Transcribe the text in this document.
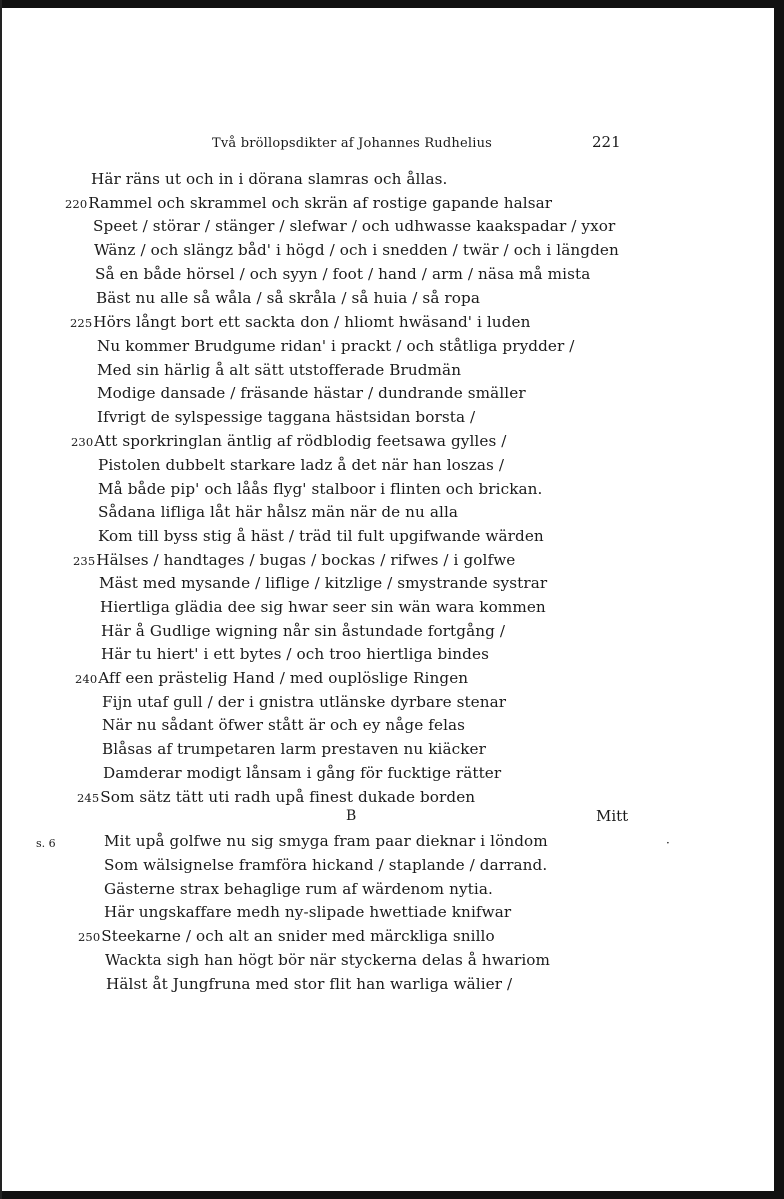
Två bröllopsdikter af Johannes Rudhelius	221
Här räns ut och in i dörana slamras och ållas.
220Rammel och skrammel och skrän af rostige gapande halsar
Speet / störar / stänger / slefwar / och udhwasse kaakspadar / yxor
Wänz / och slängz båd' i högd / och i snedden / twär / och i längden
Så en både hörsel / och syyn / foot / hand / arm / näsa må mista
Bäst nu alle så wåla / så skråla / så huia / så ropa
225Hörs långt bort ett sackta don / hliomt hwäsand' i luden
Nu kommer Brudgume ridan' i prackt / och ståtliga prydder /
Med sin härlig å alt sätt utstofferade Brudmän
Modige dansade / fräsande hästar / dundrande smäller
Ifvrigt de sylspessige taggana hästsidan borsta /
230Att sporkringlan äntlig af rödblodig feetsawa gylles /
Pistolen dubbelt starkare ladz å det när han loszas /
Må både pip' och låås flyg' stalboor i flinten och brickan.
Sådana lifliga låt här hålsz män när de nu alla
Kom till byss stig å häst / träd til fult upgifwande wärden
235Hälses / handtages / bugas / bockas / rifwes / i golfwe
Mäst med mysande / liflige / kitzlige / smystrande systrar
Hiertliga glädia dee sig hwar seer sin wän wara kommen
Här å Gudlige wigning når sin åstundade fortgång /
Här tu hiert' i ett bytes / och troo hiertliga bindes
240Aff een prästelig Hand / med ouplöslige Ringen
Fijn utaf gull / der i gnistra utlänske dyrbare stenar
När nu sådant öfwer stått är och ey någe felas
Blåsas af trumpetaren larm prestaven nu kiäcker
Damderar modigt lånsam i gång för fucktige rätter
245Som sätz tätt uti radh upå finest dukade borden
Mit upå golfwe nu sig smyga fram paar dieknar i löndom
Som wälsignelse framföra hickand / staplande / darrand.
Gästerne strax behaglige rum af wärdenom nytia.
Här ungskaffare medh ny-slipade hwettiade knifwar
250Steekarne / och alt an snider med märckliga snillo
Wackta sigh han högt bör när styckerna delas å hwariom
Hälst åt Jungfruna med stor flit han warliga wälier /
B	Mitt
s. 6	·
